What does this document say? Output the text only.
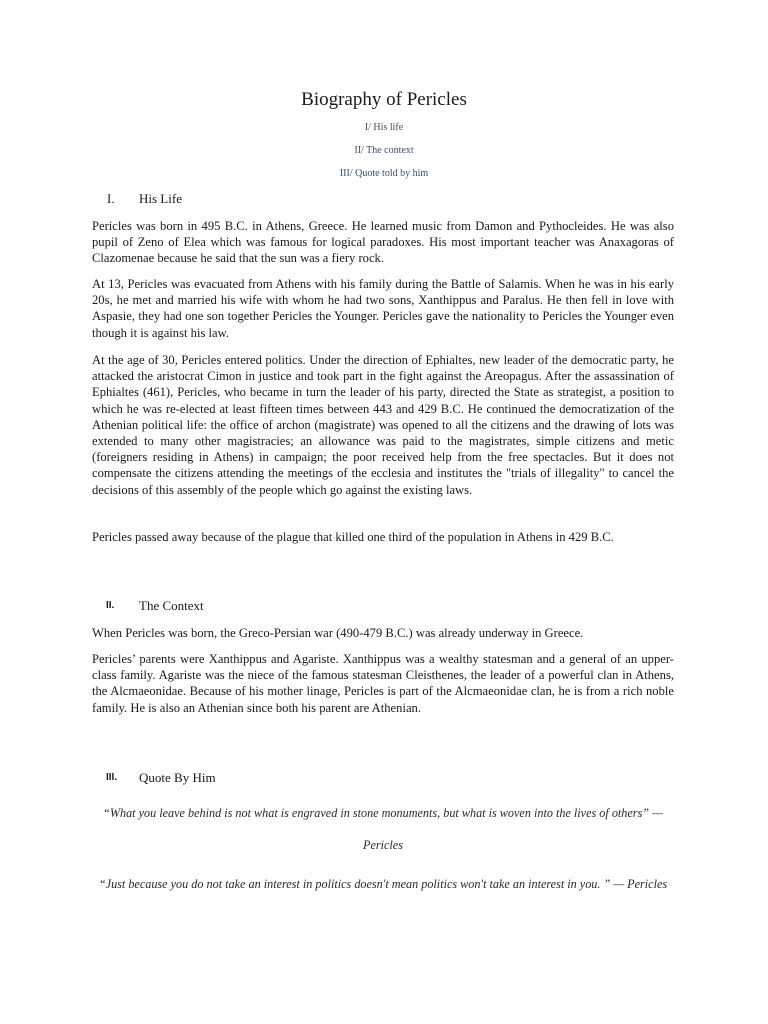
Biography of Pericles
I/ His life
II/ The context
III/ Quote told by him
I.	His Life

Pericles was born in 495 B.C. in Athens, Greece. He learned music from Damon and Pythocleides. He was also pupil of Zeno of Elea which was famous for logical paradoxes. His most important teacher was Anaxagoras of Clazomenae because he said that the sun was a fiery rock.

At 13, Pericles was evacuated from Athens with his family during the Battle of Salamis. When he was in his early 20s, he met and married his wife with whom he had two sons, Xanthippus and Paralus. He then fell in love with Aspasie, they had one son together Pericles the Younger. Pericles gave the nationality to Pericles the Younger even though it is against his law.

At the age of 30, Pericles entered politics. Under the direction of Ephialtes, new leader of the democratic party, he attacked the aristocrat Cimon in justice and took part in the fight against the Areopagus. After the assassination of Ephialtes (461), Pericles, who became in turn the leader of his party, directed the State as strategist, a position to which he was re-elected at least fifteen times between 443 and 429 B.C. He continued the democratization of the Athenian political life: the office of archon (magistrate) was opened to all the citizens and the drawing of lots was extended to many other magistracies; an allowance was paid to the magistrates, simple citizens and metic (foreigners residing in Athens) in campaign; the poor received help from the free spectacles. But it does not compensate the citizens attending the meetings of the ecclesia and institutes the "trials of illegality" to cancel the decisions of this assembly of the people which go against the existing laws.

Pericles passed away because of the plague that killed one third of the population in Athens in 429 B.C.

II.	The Context

When Pericles was born, the Greco-Persian war (490-479 B.C.) was already underway in Greece.

Pericles’ parents were Xanthippus and Agariste. Xanthippus was a wealthy statesman and a general of an upper-class family. Agariste was the niece of the famous statesman Cleisthenes, the leader of a powerful clan in Athens, the Alcmaeonidae. Because of his mother linage, Pericles is part of the Alcmaeonidae clan, he is from a rich noble family. He is also an Athenian since both his parent are Athenian.

III.	Quote By Him
“What you leave behind is not what is engraved in stone monuments, but what is woven into the lives of others” — Pericles
“Just because you do not take an interest in politics doesn't mean politics won't take an interest in you. ” — Pericles
